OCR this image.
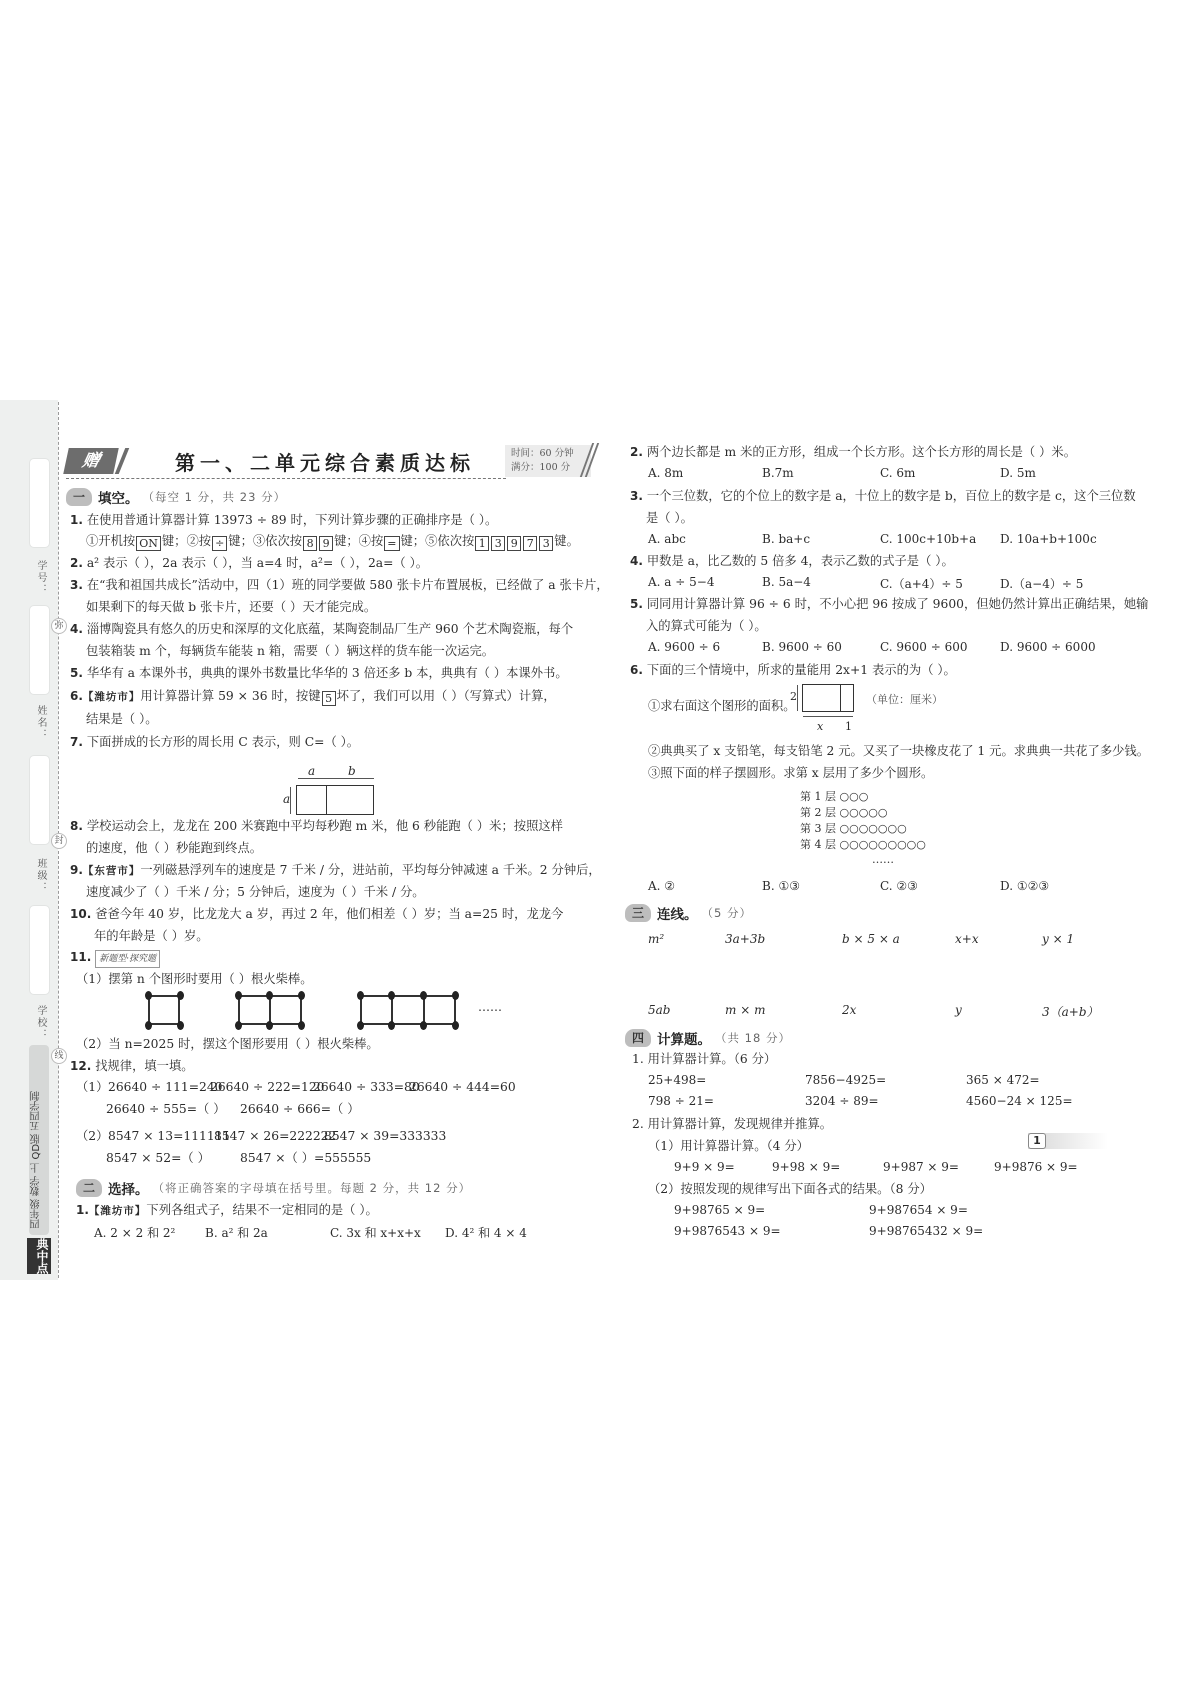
学号：
姓名：
班级：
学校：
弥
封
线
四年级 数学 上 QD版 五四学制
典中点
赠	第一、二单元综合素质达标	时间：60 分钟
满分：100 分
一 填空。 （每空 1 分，共 23 分）
1. 在使用普通计算器计算 13973 ÷ 89 时，下列计算步骤的正确排序是（ ）。
①开机按 ON 键；②按 ÷ 键；③依次按 8 9 键；④按 = 键；⑤依次按 1 3 9 7 3 键。
2. a² 表示（ ），2a 表示（ ），当 a=4 时，a²=（ ），2a=（ ）。
3. 在“我和祖国共成长”活动中，四（1）班的同学要做 580 张卡片布置展板，已经做了 a 张卡片，
如果剩下的每天做 b 张卡片，还要（ ）天才能完成。
4. 淄博陶瓷具有悠久的历史和深厚的文化底蕴，某陶瓷制品厂生产 960 个艺术陶瓷瓶，每个
包装箱装 m 个，每辆货车能装 n 箱，需要（ ）辆这样的货车能一次运完。
5. 华华有 a 本课外书，典典的课外书数量比华华的 3 倍还多 b 本，典典有（ ）本课外书。
6.【潍坊市】用计算器计算 59 × 36 时，按键 5 坏了，我们可以用（ ）（写算式）计算，
结果是（ ）。
7. 下面拼成的长方形的周长用 C 表示，则 C=（ ）。
a	b
a
8. 学校运动会上，龙龙在 200 米赛跑中平均每秒跑 m 米，他 6 秒能跑（ ）米；按照这样
的速度，他（ ）秒能跑到终点。
9.【东营市】一列磁悬浮列车的速度是 7 千米 / 分，进站前，平均每分钟减速 a 千米。2 分钟后，
速度减少了（ ）千米 / 分；5 分钟后，速度为（ ）千米 / 分。
10. 爸爸今年 40 岁，比龙龙大 a 岁，再过 2 年，他们相差（ ）岁；当 a=25 时，龙龙今
年的年龄是（ ）岁。
11. 新题型·探究题
（1）摆第 n 个图形时要用（ ）根火柴棒。
……
（2）当 n=2025 时，摆这个图形要用（ ）根火柴棒。
12. 找规律，填一填。
（1） 26640 ÷ 111=240
26640 ÷ 222=120
26640 ÷ 333=80
26640 ÷ 444=60
26640 ÷ 555=（ ） 26640 ÷ 666=（ ）
（2） 8547 × 13=111111
8547 × 26=222222
8547 × 39=333333
8547 × 52=（ ） 8547 ×（ ）=555555
二 选择。 （将正确答案的字母填在括号里。每题 2 分，共 12 分）
1.【潍坊市】下列各组式子，结果不一定相同的是（ ）。
A. 2 × 2 和 2² B. a² 和 2a	C. 3x 和 x+x+x D. 4² 和 4 × 4
2. 两个边长都是 m 米的正方形，组成一个长方形。这个长方形的周长是（ ）米。
A. 8m	B.7m	C. 6m	D. 5m
3. 一个三位数，它的个位上的数字是 a，十位上的数字是 b，百位上的数字是 c，这个三位数
是（ ）。
A. abc	B. ba+c	C. 100c+10b+a D. 10a+b+100c
4. 甲数是 a，比乙数的 5 倍多 4，表示乙数的式子是（ ）。
A. a ÷ 5−4	B. 5a−4	C.（a+4）÷ 5	D.（a−4）÷ 5
5. 同同用计算器计算 96 ÷ 6 时，不小心把 96 按成了 9600，但她仍然计算出正确结果，她输
入的算式可能为（ ）。
A. 9600 ÷ 6	B. 9600 ÷ 60	C. 9600 ÷ 600	D. 9600 ÷ 6000
6. 下面的三个情境中，所求的量能用 2x+1 表示的为（ ）。
①求右面这个图形的面积。
2
x 1
（单位：厘米）
②典典买了 x 支铅笔，每支铅笔 2 元。又买了一块橡皮花了 1 元。求典典一共花了多少钱。
③照下面的样子摆圆形。求第 x 层用了多少个圆形。
第 1 层 ○○○
第 2 层 ○○○○○
第 3 层 ○○○○○○○
第 4 层 ○○○○○○○○○
……
A. ②	B. ①③	C. ②③	D. ①②③
三 连线。 （5 分）
m²	3a+3b	b × 5 × a	x+x	y × 1
5ab	m × m	2x	y	3（a+b）
四 计算题。 （共 18 分）
1. 用计算器计算。（6 分）
25+498=	7856−4925=	365 × 472=
798 ÷ 21=	3204 ÷ 89=	4560−24 × 125=
2. 用计算器计算，发现规律并推算。
（1）用计算器计算。（4 分）
9+9 × 9=	9+98 × 9=	9+987 × 9=	9+9876 × 9=
（2）按照发现的规律写出下面各式的结果。（8 分）
9+98765 × 9=	9+987654 × 9=
9+9876543 × 9=	9+98765432 × 9=
1
